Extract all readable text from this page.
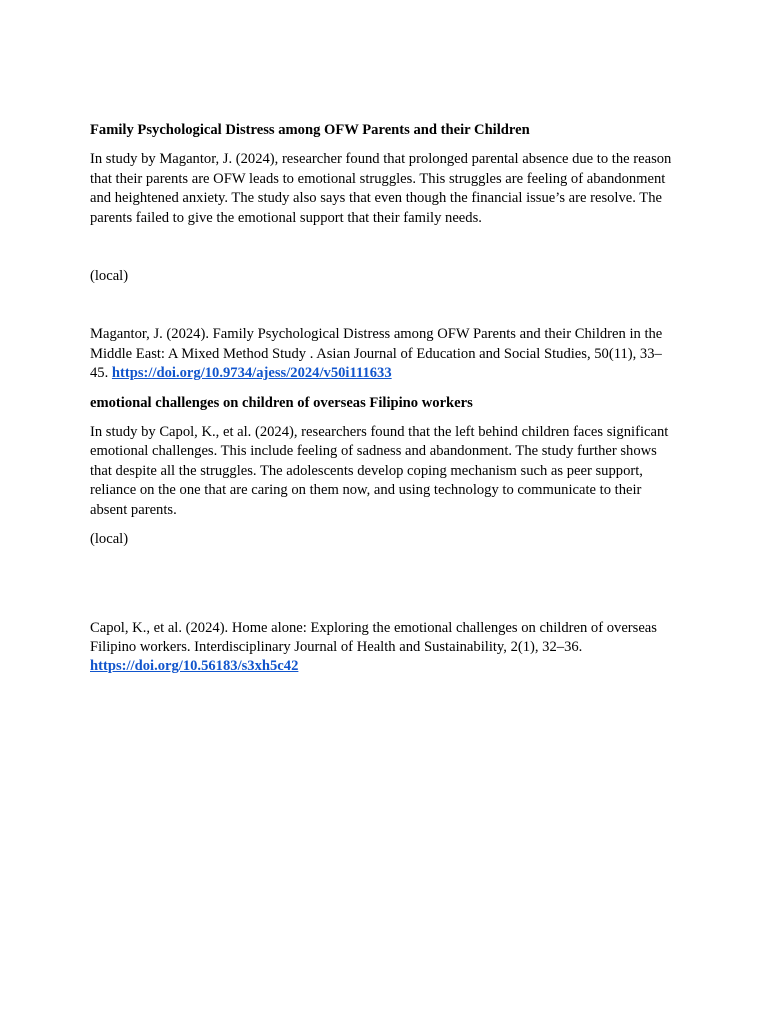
Family Psychological Distress among OFW Parents and their Children

In study by Magantor, J. (2024), researcher found that prolonged parental absence due to the reason that their parents are OFW leads to emotional struggles. This struggles are feeling of abandonment and heightened anxiety. The study also says that even though the financial issue’s are resolve. The parents failed to give the emotional support that their family needs.

(local)

Magantor, J. (2024). Family Psychological Distress among OFW Parents and their Children in the Middle East: A Mixed Method Study . Asian Journal of Education and Social Studies, 50(11), 33–45. https://doi.org/10.9734/ajess/2024/v50i111633

emotional challenges on children of overseas Filipino workers

In study by Capol, K., et al. (2024), researchers found that the left behind children faces significant emotional challenges. This include feeling of sadness and abandonment. The study further shows that despite all the struggles. The adolescents develop coping mechanism such as peer support, reliance on the one that are caring on them now, and using technology to communicate to their absent parents.

(local)

Capol, K., et al. (2024). Home alone: Exploring the emotional challenges on children of overseas Filipino workers. Interdisciplinary Journal of Health and Sustainability, 2(1), 32–36. https://doi.org/10.56183/s3xh5c42
